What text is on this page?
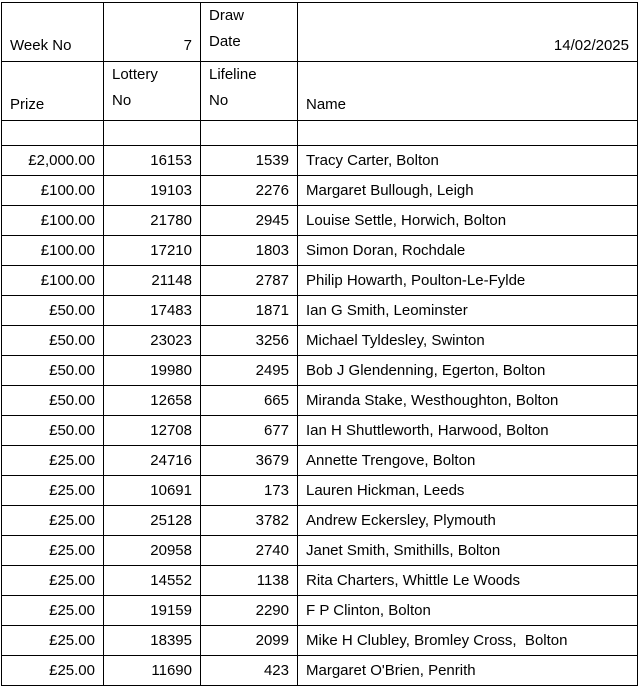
Week No	7	Draw Date	14/02/2025

Prize	Lottery No	Lifeline No	Name

£2,000.00	16153	1539	Tracy Carter, Bolton
£100.00	19103	2276	Margaret Bullough, Leigh
£100.00	21780	2945	Louise Settle, Horwich, Bolton
£100.00	17210	1803	Simon Doran, Rochdale
£100.00	21148	2787	Philip Howarth, Poulton-Le-Fylde
£50.00	17483	1871	Ian G Smith, Leominster
£50.00	23023	3256	Michael Tyldesley, Swinton
£50.00	19980	2495	Bob J Glendenning, Egerton, Bolton
£50.00	12658	665	Miranda Stake, Westhoughton, Bolton
£50.00	12708	677	Ian H Shuttleworth, Harwood, Bolton
£25.00	24716	3679	Annette Trengove, Bolton
£25.00	10691	173	Lauren Hickman, Leeds
£25.00	25128	3782	Andrew Eckersley, Plymouth
£25.00	20958	2740	Janet Smith, Smithills, Bolton
£25.00	14552	1138	Rita Charters, Whittle Le Woods
£25.00	19159	2290	F P Clinton, Bolton
£25.00	18395	2099	Mike H Clubley, Bromley Cross,  Bolton
£25.00	11690	423	Margaret O'Brien, Penrith
